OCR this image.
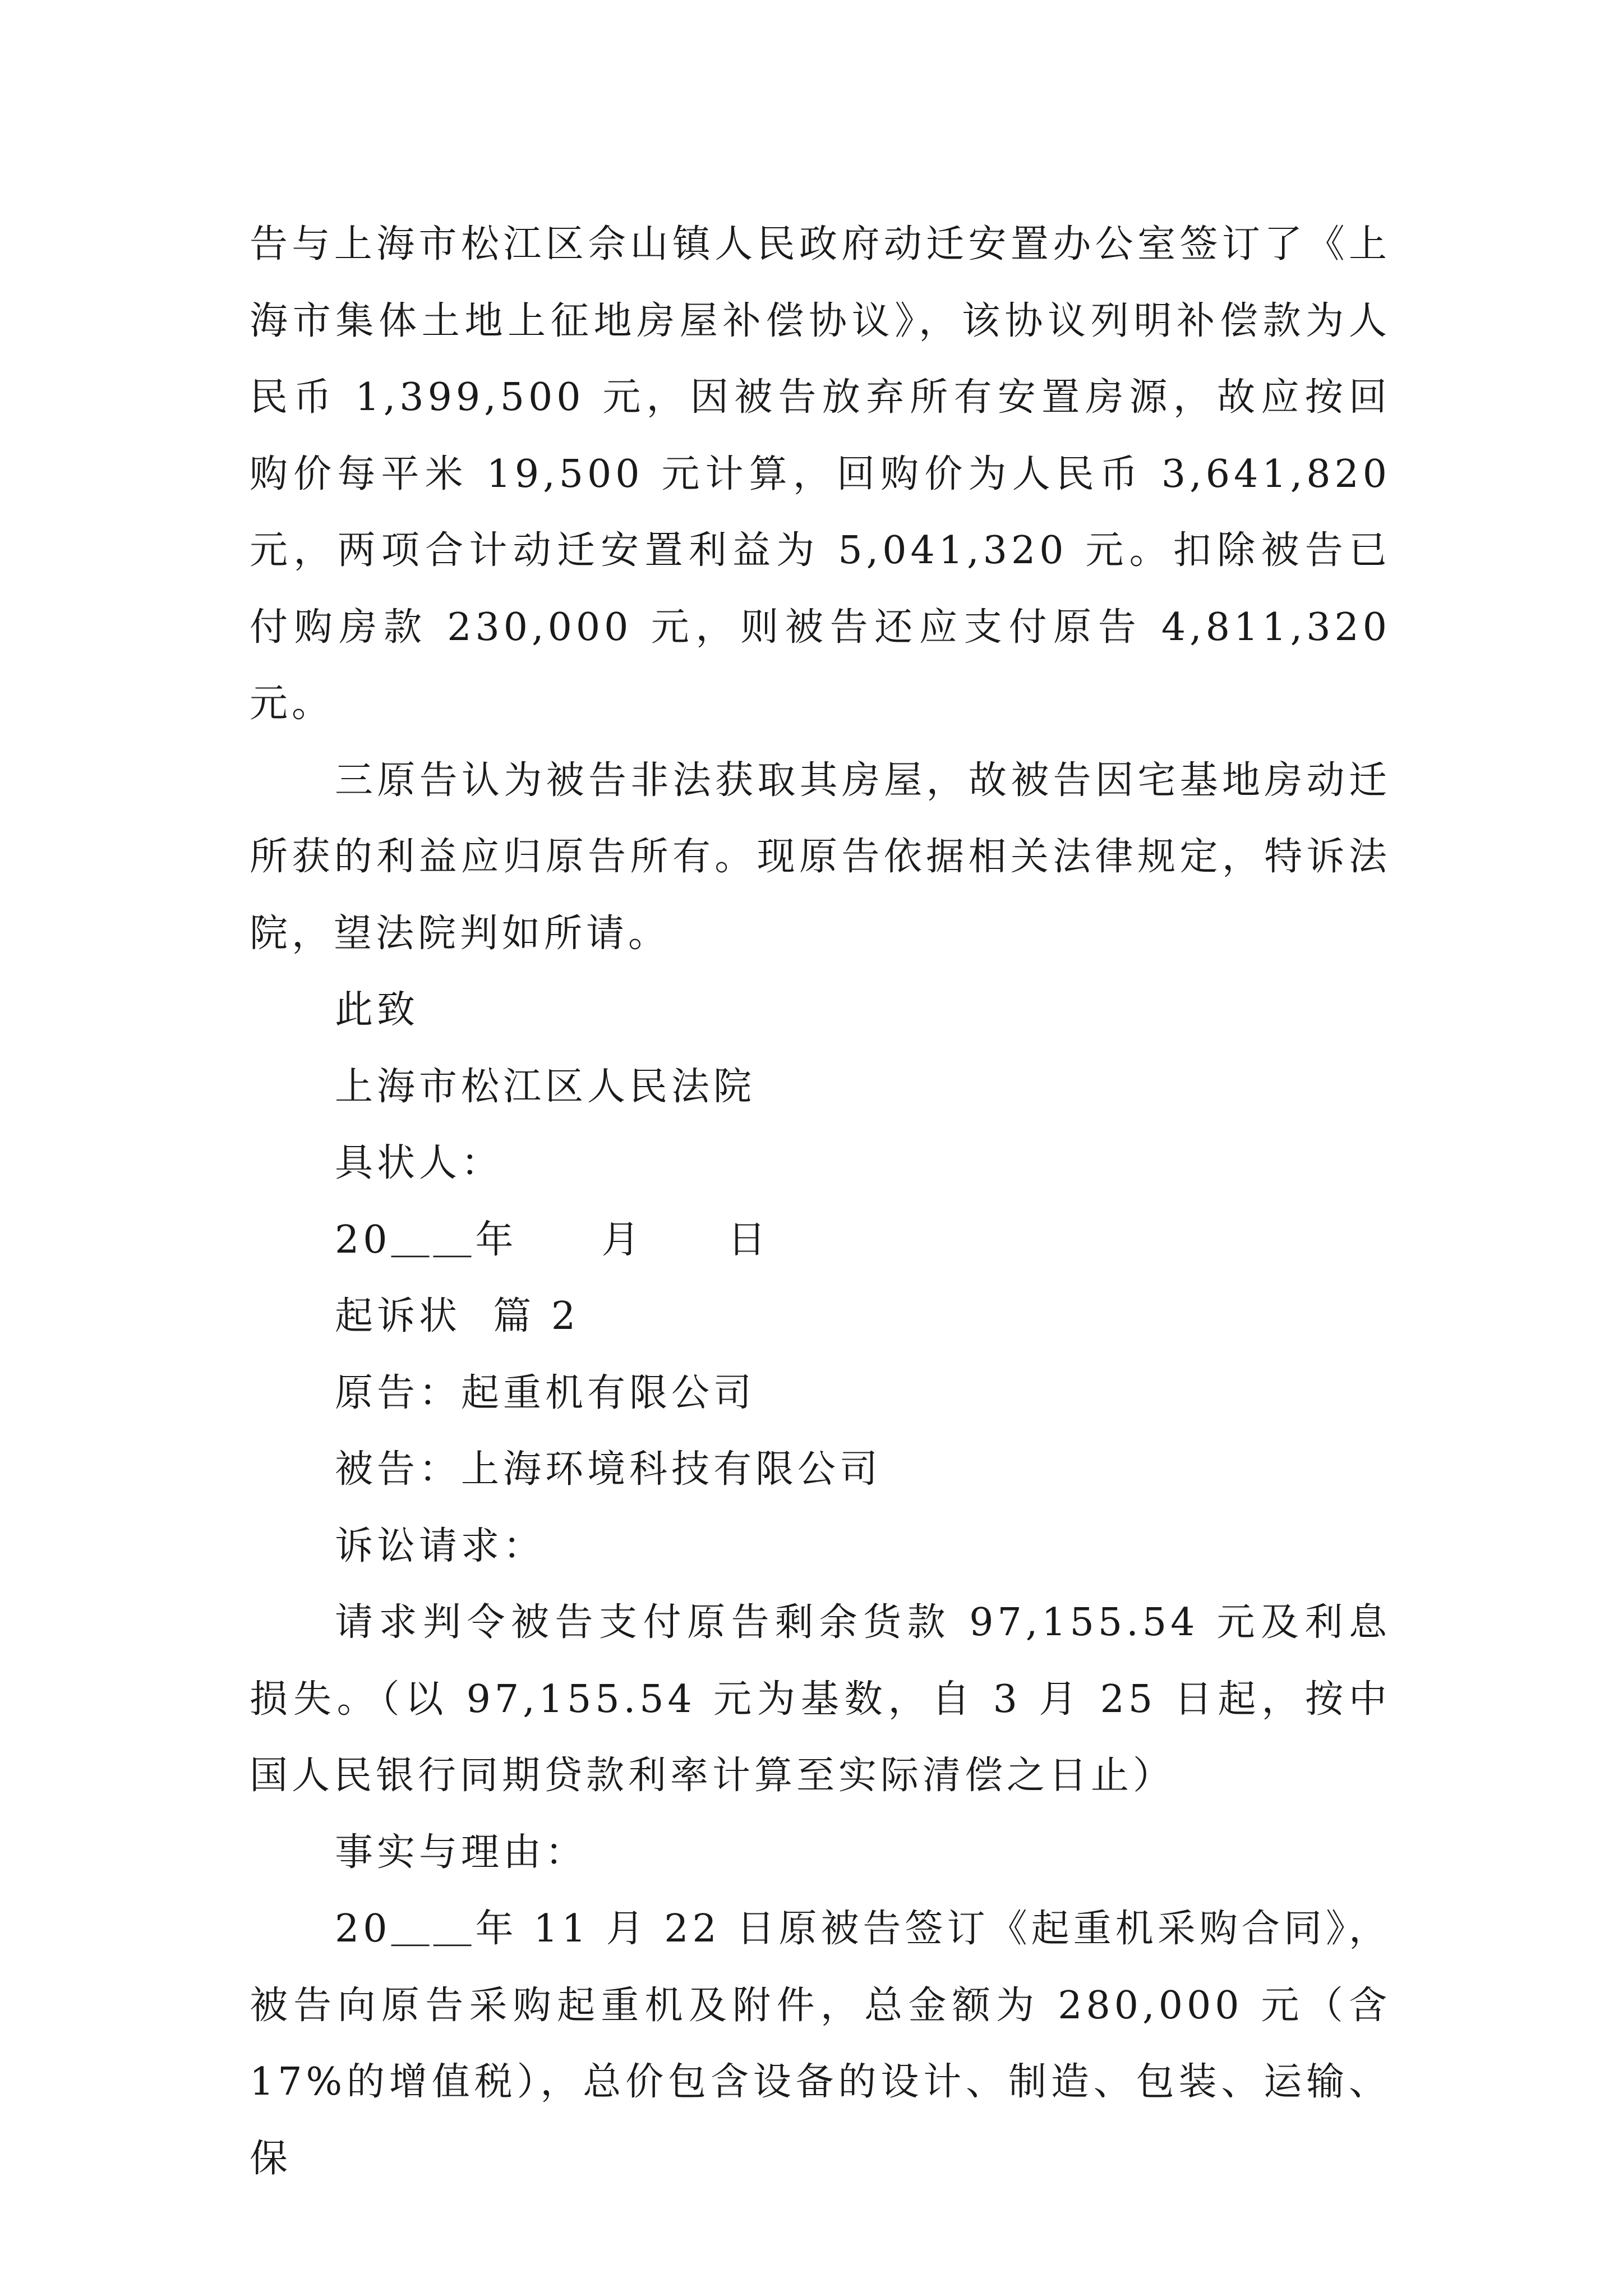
告与上海市松江区佘山镇人民政府动迁安置办公室签订了《上海市集体土地上征地房屋补偿协议》，该协议列明补偿款为人民币 1,399,500 元，因被告放弃所有安置房源，故应按回购价每平米 19,500 元计算，回购价为人民币 3,641,820 元，两项合计动迁安置利益为 5,041,320 元。扣除被告已付购房款 230,000 元，则被告还应支付原告 4,811,320 元。

三原告认为被告非法获取其房屋，故被告因宅基地房动迁所获的利益应归原告所有。现原告依据相关法律规定，特诉法院，望法院判如所请。

此致

上海市松江区人民法院

具状人：

20＿＿年　　月　　日

起诉状  篇 2

原告：起重机有限公司

被告：上海环境科技有限公司

诉讼请求：

请求判令被告支付原告剩余货款 97,155.54 元及利息损失。（以 97,155.54 元为基数，自 3 月 25 日起，按中国人民银行同期贷款利率计算至实际清偿之日止）

事实与理由：

20＿＿年 11 月 22 日原被告签订《起重机采购合同》，被告向原告采购起重机及附件，总金额为 280,000 元（含 17%的增值税），总价包含设备的设计、制造、包装、运输、保
